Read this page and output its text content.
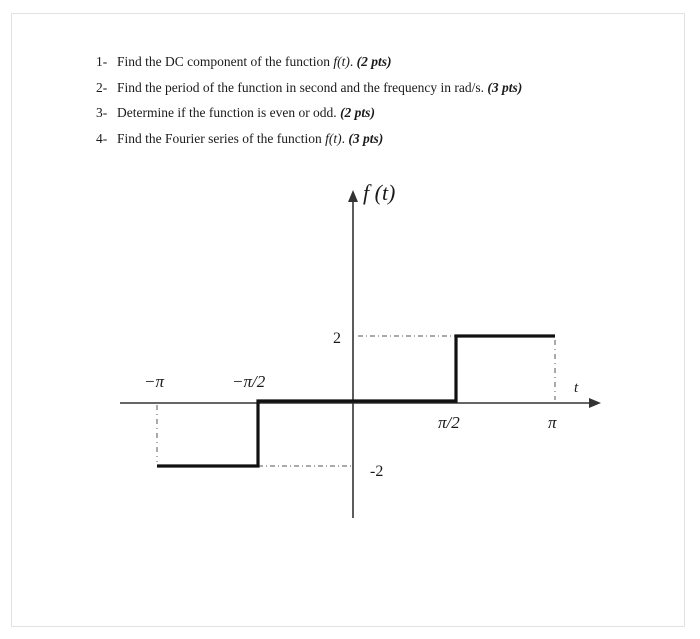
1- Find the DC component of the function f(t). (2 pts)
2- Find the period of the function in second and the frequency in rad/s. (3 pts)
3- Determine if the function is even or odd. (2 pts)
4- Find the Fourier series of the function f(t). (3 pts)
f (t)
2
-2
−π	−π/2
π/2	π
t
